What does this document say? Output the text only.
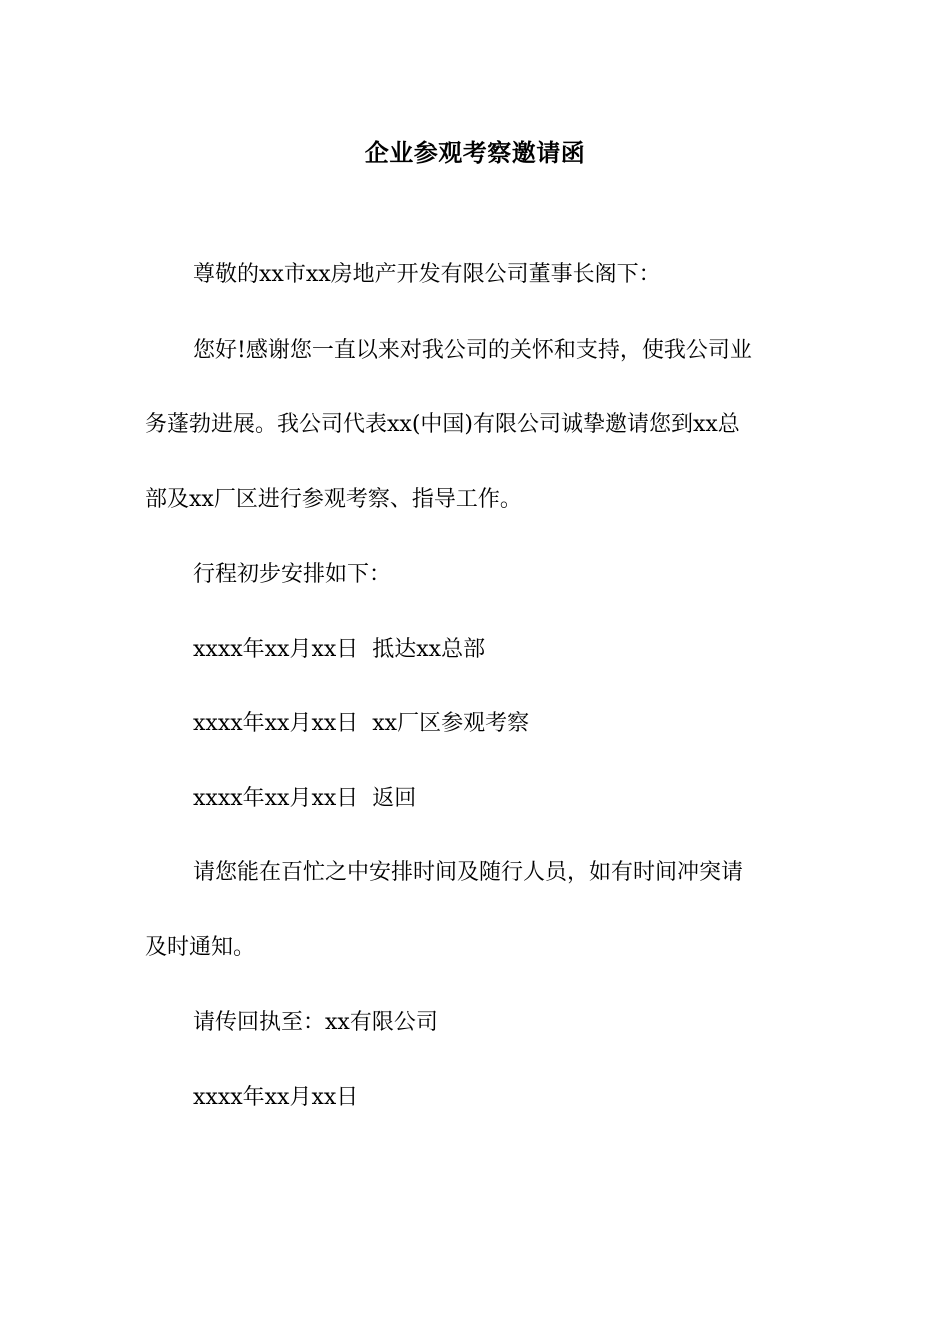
企业参观考察邀请函
尊敬的xx市xx房地产开发有限公司董事长阁下：
您好!感谢您一直以来对我公司的关怀和支持，使我公司业
务蓬勃进展。我公司代表xx(中国)有限公司诚挚邀请您到xx总
部及xx厂区进行参观考察、指导工作。
行程初步安排如下：
xxxx年xx月xx日 抵达xx总部
xxxx年xx月xx日 xx厂区参观考察
xxxx年xx月xx日 返回
请您能在百忙之中安排时间及随行人员，如有时间冲突请
及时通知。
请传回执至：xx有限公司
xxxx年xx月xx日
